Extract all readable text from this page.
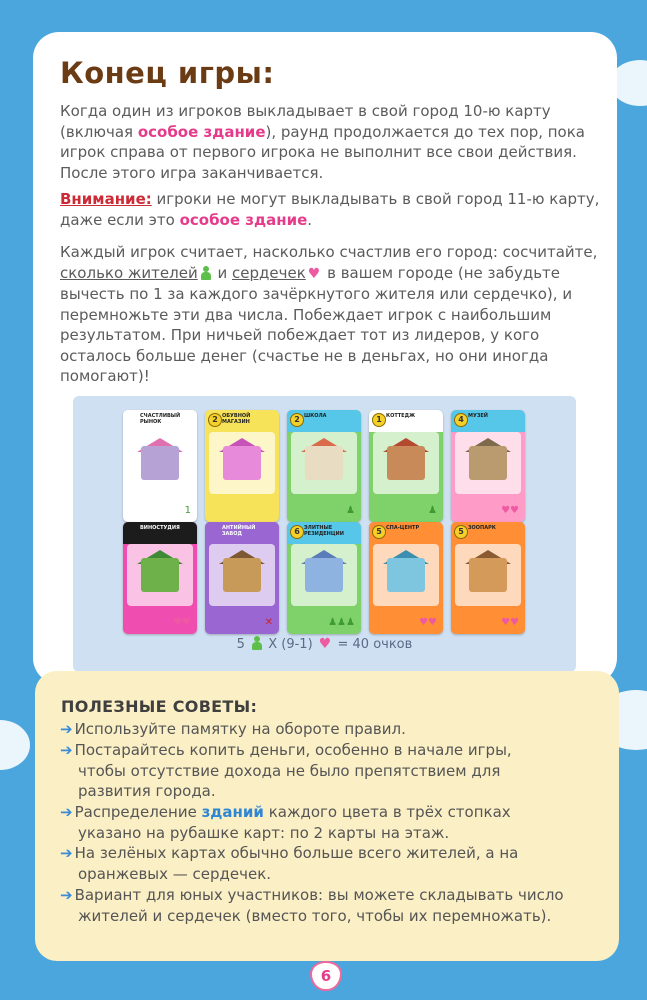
Конец игры:

Когда один из игроков выкладывает в свой город 10-ю карту (включая особое здание), раунд продолжается до тех пор, пока игрок справа от первого игрока не выполнит все свои действия. После этого игра заканчивается.

Внимание: игроки не могут выкладывать в свой город 11-ю карту, даже если это особое здание.

Каждый игрок считает, насколько счастлив его город: сосчитайте, сколько жителей и сердечек ♥ в вашем городе (не забудьте вычесть по 1 за каждого зачёркнутого жителя или сердечко), и перемножьте эти два числа. Побеждает игрок с наибольшим результатом. При ничьей побеждает тот из лидеров, у кого осталось больше денег (счастье не в деньгах, но они иногда помогают)!

СЧАСТЛИВЫЙ РЫНОК
1
2 ОБУВНОЙ МАГАЗИН	2 ШКОЛА
♟
1 КОТТЕДЖ
♟
4 МУЗЕЙ
♥♥
ВИНОСТУДИЯ
♥♥
АНТИЙНЫЙ ЗАВОД
✕
6 ЭЛИТНЫЕ РЕЗИДЕНЦИИ
♟♟♟
5 СПА-ЦЕНТР
♥♥
5 ЗООПАРК
♥♥
5 X (9-1) ♥ = 40 очков
ПОЛЕЗНЫЕ СОВЕТЫ:

➔ Используйте памятку на обороте правил.

➔ Постарайтесь копить деньги, особенно в начале игры,
чтобы отсутствие дохода не было препятствием для
развития города.

➔ Распределение зданий каждого цвета в трёх стопках
указано на рубашке карт: по 2 карты на этаж.

➔ На зелёных картах обычно больше всего жителей, а на
оранжевых — сердечек.

➔ Вариант для юных участников: вы можете складывать число
жителей и сердечек (вместо того, чтобы их перемножать).

6
